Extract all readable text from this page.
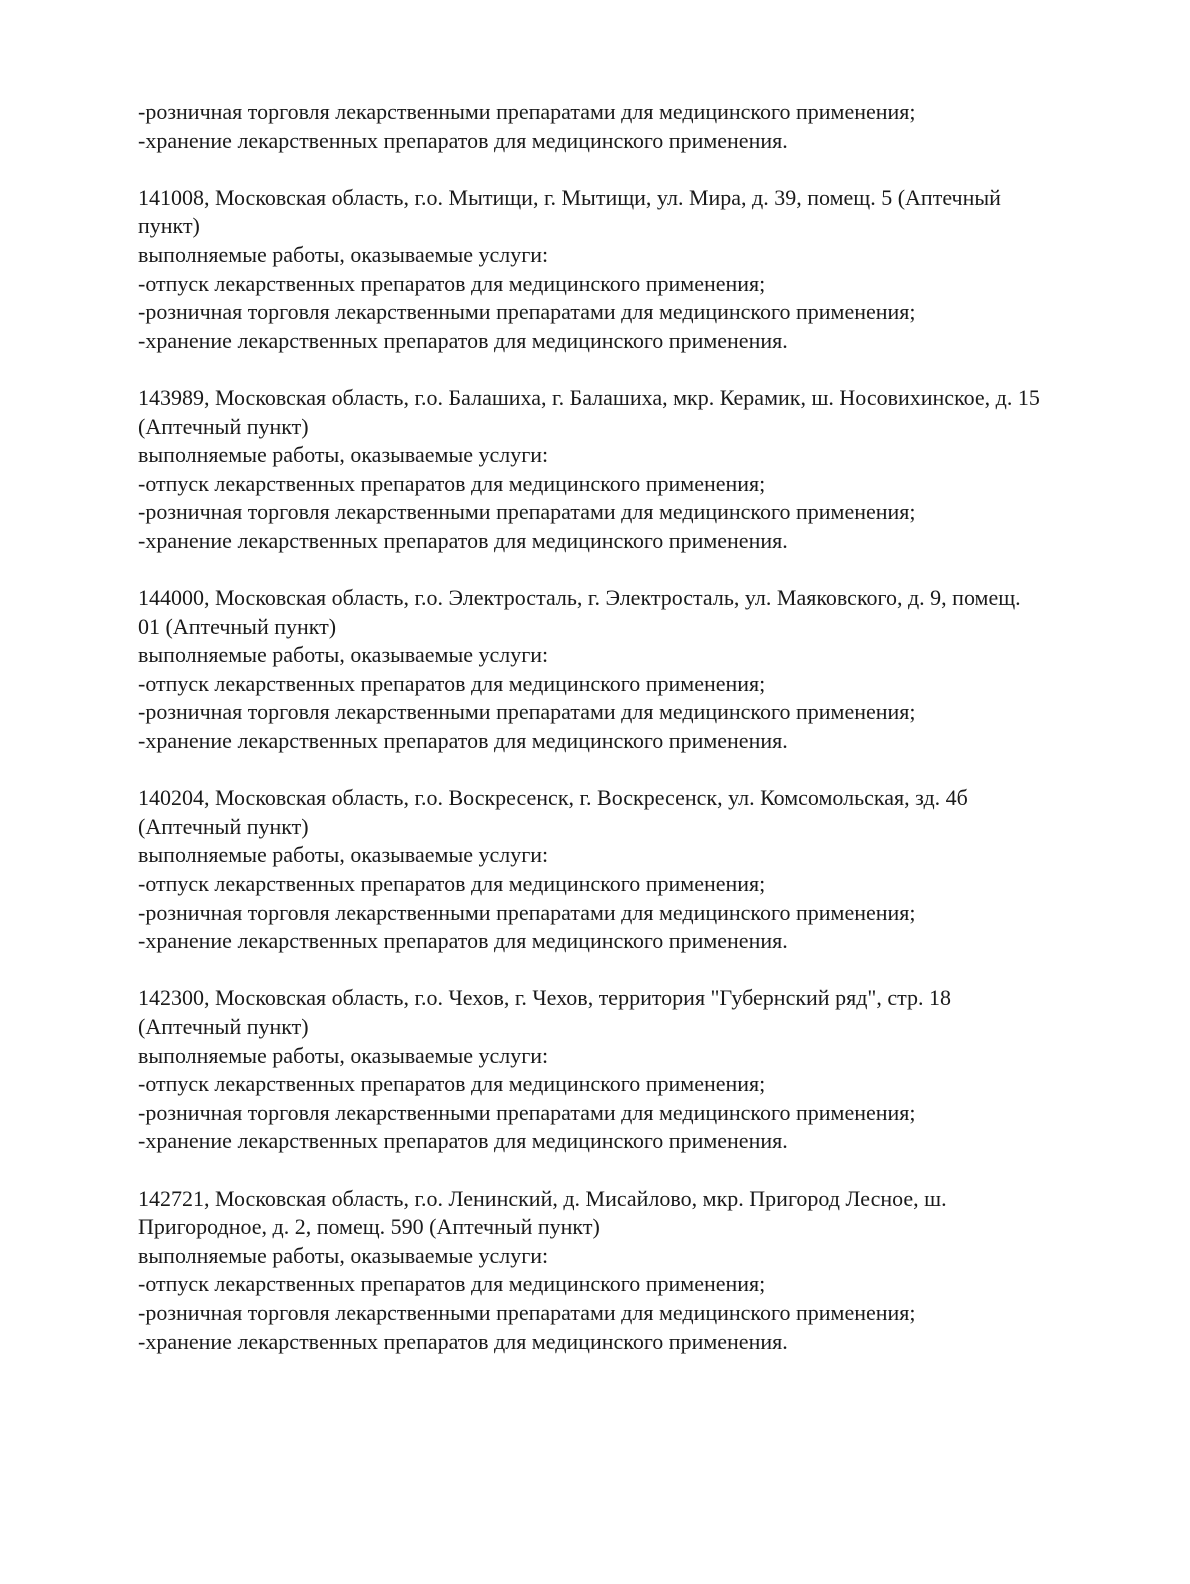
-розничная торговля лекарственными препаратами для медицинского применения;
-хранение лекарственных препаратов для медицинского применения.
141008, Московская область, г.о. Мытищи, г. Мытищи, ул. Мира, д. 39, помещ. 5 (Аптечный
пункт)
выполняемые работы, оказываемые услуги:
-отпуск лекарственных препаратов для медицинского применения;
-розничная торговля лекарственными препаратами для медицинского применения;
-хранение лекарственных препаратов для медицинского применения.
143989, Московская область, г.о. Балашиха, г. Балашиха, мкр. Керамик, ш. Носовихинское, д. 15
(Аптечный пункт)
выполняемые работы, оказываемые услуги:
-отпуск лекарственных препаратов для медицинского применения;
-розничная торговля лекарственными препаратами для медицинского применения;
-хранение лекарственных препаратов для медицинского применения.
144000, Московская область, г.о. Электросталь, г. Электросталь, ул. Маяковского, д. 9, помещ.
01 (Аптечный пункт)
выполняемые работы, оказываемые услуги:
-отпуск лекарственных препаратов для медицинского применения;
-розничная торговля лекарственными препаратами для медицинского применения;
-хранение лекарственных препаратов для медицинского применения.
140204, Московская область, г.о. Воскресенск, г. Воскресенск, ул. Комсомольская, зд. 4б
(Аптечный пункт)
выполняемые работы, оказываемые услуги:
-отпуск лекарственных препаратов для медицинского применения;
-розничная торговля лекарственными препаратами для медицинского применения;
-хранение лекарственных препаратов для медицинского применения.
142300, Московская область, г.о. Чехов, г. Чехов, территория "Губернский ряд", стр. 18
(Аптечный пункт)
выполняемые работы, оказываемые услуги:
-отпуск лекарственных препаратов для медицинского применения;
-розничная торговля лекарственными препаратами для медицинского применения;
-хранение лекарственных препаратов для медицинского применения.
142721, Московская область, г.о. Ленинский, д. Мисайлово, мкр. Пригород Лесное, ш.
Пригородное, д. 2, помещ. 590 (Аптечный пункт)
выполняемые работы, оказываемые услуги:
-отпуск лекарственных препаратов для медицинского применения;
-розничная торговля лекарственными препаратами для медицинского применения;
-хранение лекарственных препаратов для медицинского применения.
